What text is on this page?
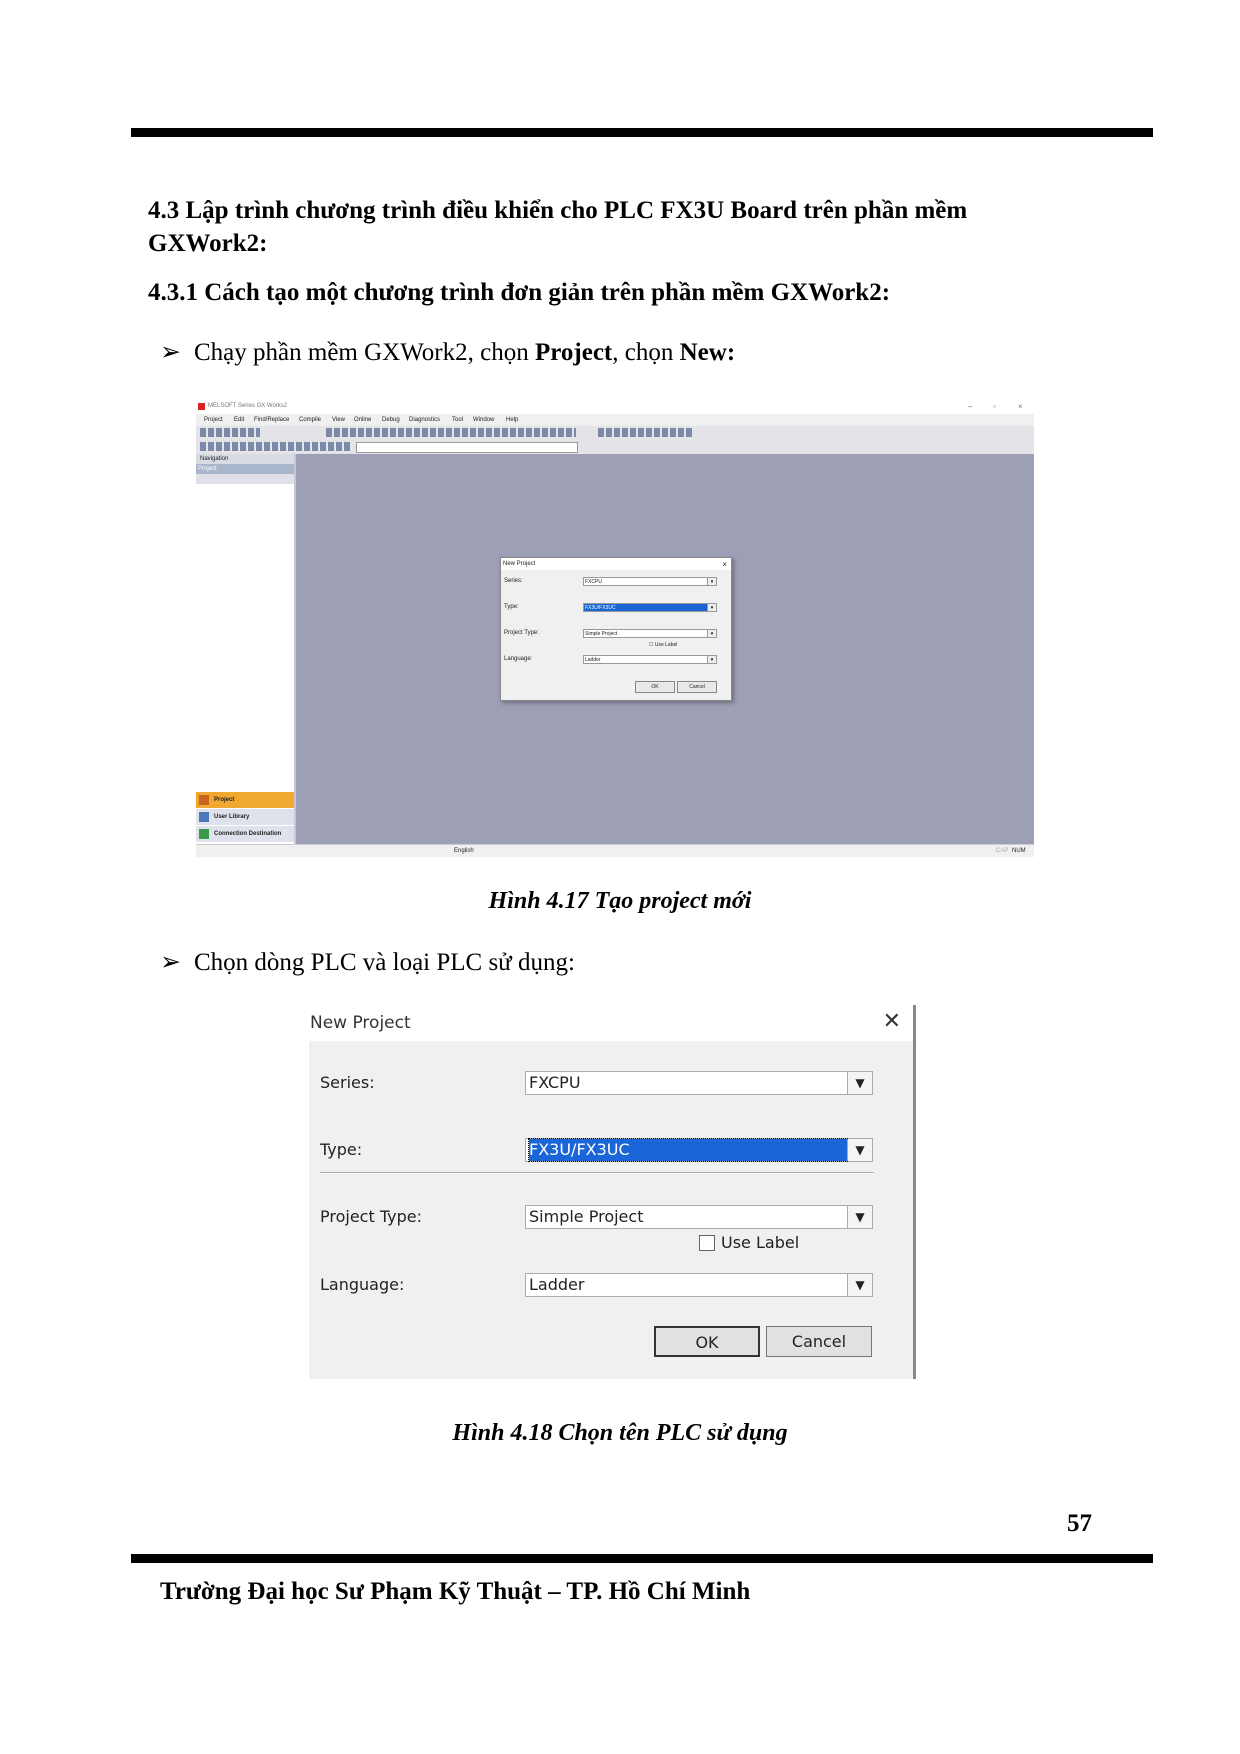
4.3 Lập trình chương trình điều khiển cho PLC FX3U Board trên phần mềm
GXWork2:
4.3.1 Cách tạo một chương trình đơn giản trên phần mềm GXWork2:
➢ Chạy phần mềm GXWork2, chọn Project, chọn New:
MELSOFT Series GX Works2	–	▫	×
Project Edit Find/Replace Compile View Online Debug Diagnostics Tool Window Help
Navigation
Project
Project
User Library
Connection Destination
New Project	×
Series:	FXCPU	▾
Type:	FX3U/FX3UC	▾
Project Type:	Simple Project	▾
☐ Use Label
Language:	Ladder	▾
OK	Cancel
English	CAP NUM
Hình 4.17 Tạo project mới
➢ Chọn dòng PLC và loại PLC sử dụng:
New Project	✕
Series:	FXCPU	▼
Type:	FX3U/FX3UC	▼
Project Type:	Simple Project	▼
Use Label
Language:	Ladder	▼
OK	Cancel
Hình 4.18 Chọn tên PLC sử dụng
57
Trường Đại học Sư Phạm Kỹ Thuật – TP. Hồ Chí Minh
